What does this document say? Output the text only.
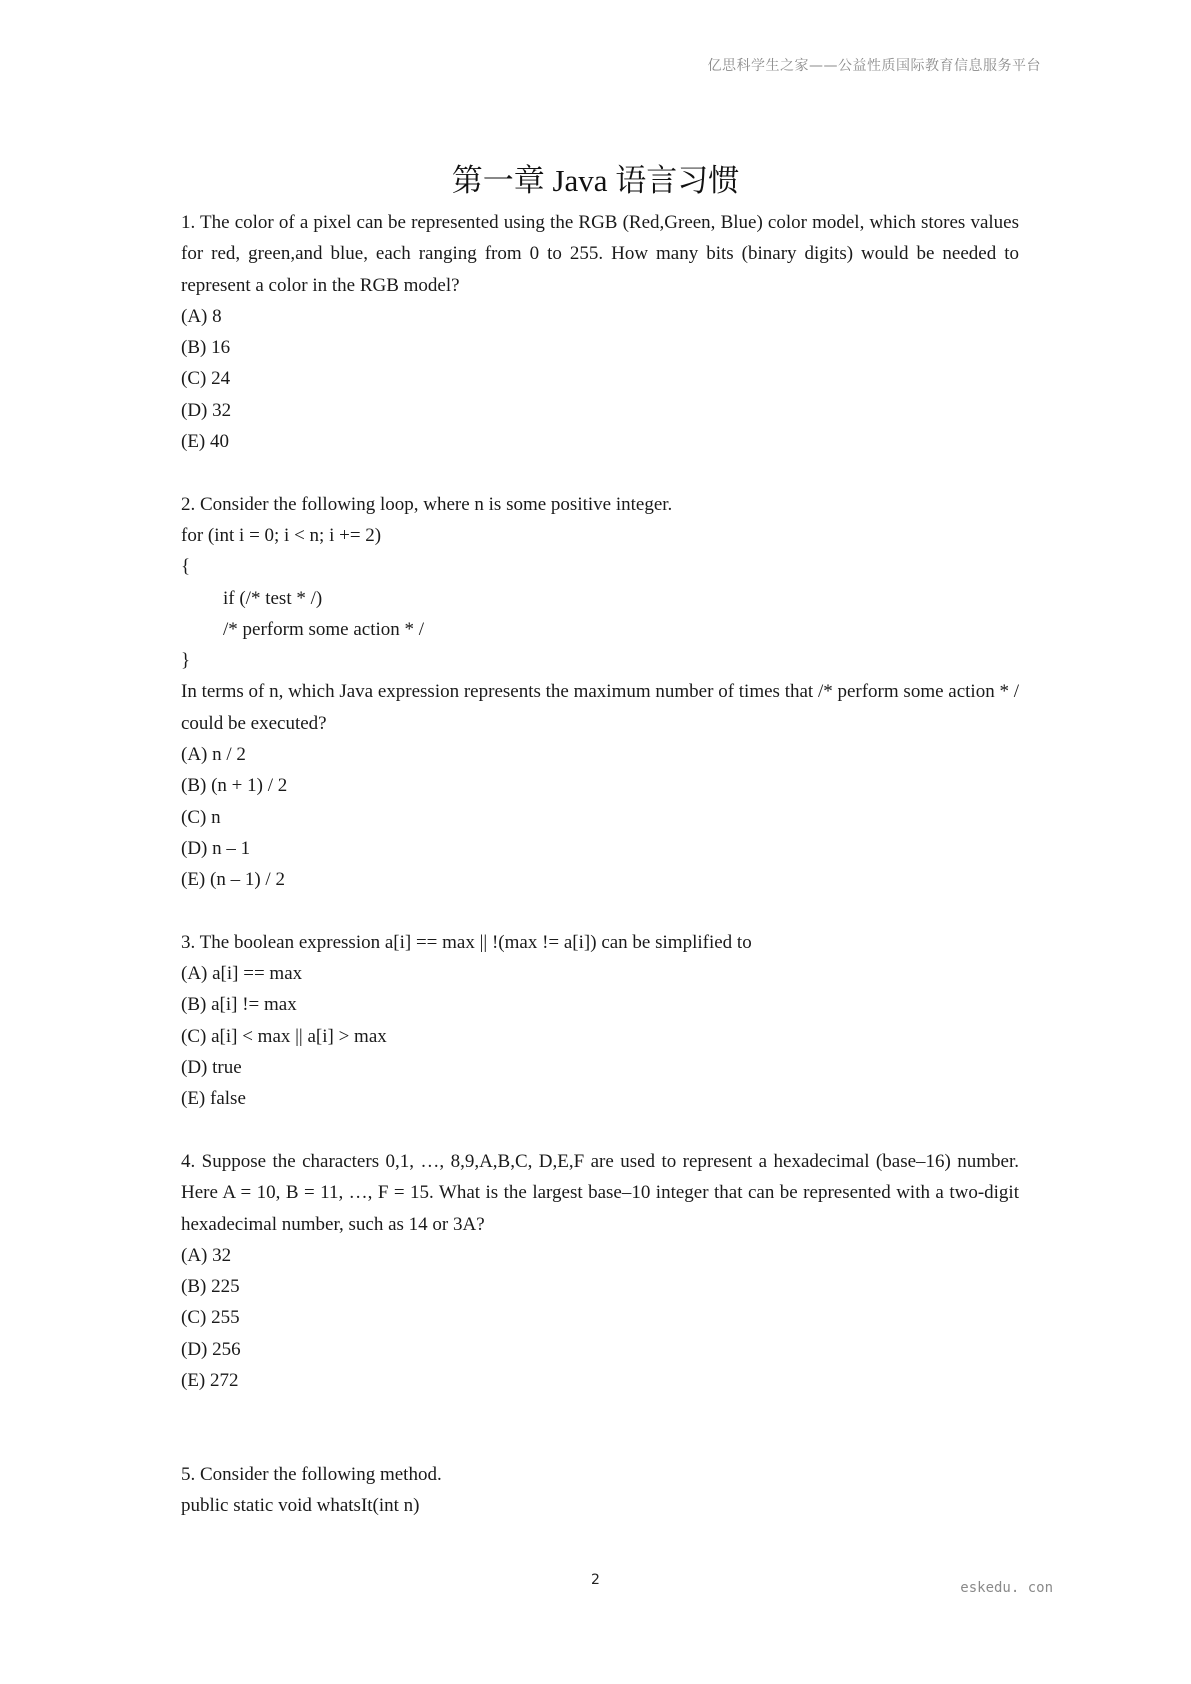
亿思科学生之家——公益性质国际教育信息服务平台
第一章 Java 语言习惯

1. The color of a pixel can be represented using the RGB (Red,Green, Blue) color model, which stores values for red, green,and blue, each ranging from 0 to 255. How many bits (binary digits) would be needed to represent a color in the RGB model?

(A) 8

(B) 16

(C) 24

(D) 32

(E) 40

2. Consider the following loop, where n is some positive integer.

for (int i = 0; i < n; i += 2)

{

if (/* test * /)

/* perform some action * /

}

In terms of n, which Java expression represents the maximum number of times that /* perform some action * / could be executed?

(A) n / 2

(B) (n + 1) / 2

(C) n

(D) n – 1

(E) (n – 1) / 2

3. The boolean expression a[i] == max || !(max != a[i]) can be simplified to

(A) a[i] == max

(B) a[i] != max

(C) a[i] < max || a[i] > max

(D) true

(E) false

4. Suppose the characters 0,1, …, 8,9,A,B,C, D,E,F are used to represent a hexadecimal (base–16) number. Here A = 10, B = 11, …, F = 15. What is the largest base–10 integer that can be represented with a two-digit hexadecimal number, such as 14 or 3A?

(A) 32

(B) 225

(C) 255

(D) 256

(E) 272

5. Consider the following method.

public static void whatsIt(int n)

2	eskedu. con
